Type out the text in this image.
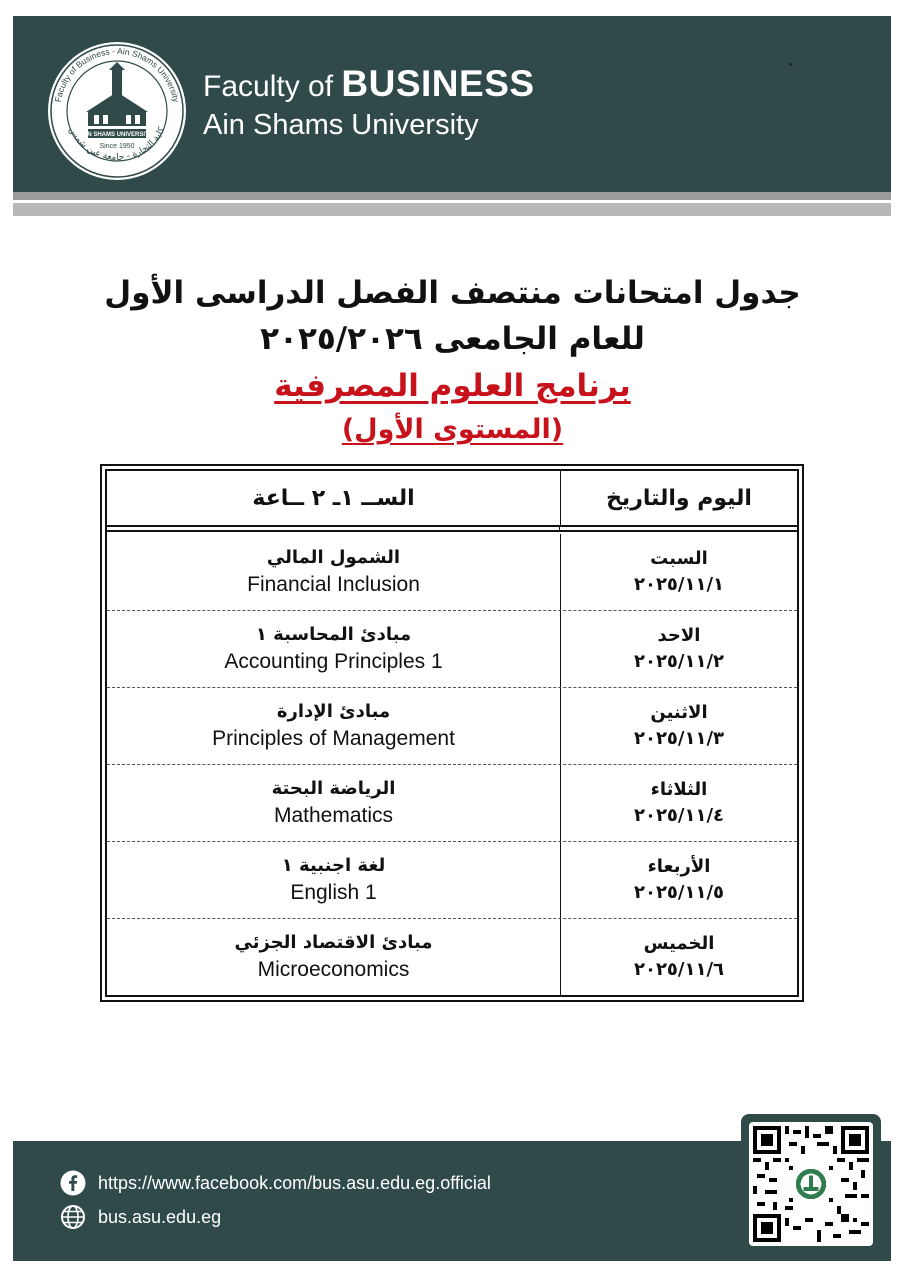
Faculty of Business - Ain Shams University
كلية التجارة - جامعة عين شمس
AIN SHAMS UNIVERSITY
Since 1950
Faculty of BUSINESS
Ain Shams University
جدول امتحانات منتصف الفصل الدراسى الأول
للعام الجامعى ٢٠٢٥/٢٠٢٦
برنامج العلوم المصرفية
(المستوى الأول)
اليوم والتاريخ
الســ ١ـ ٢ ــاعة
السبت
٢٠٢٥/١١/١
الشمول المالي
Financial Inclusion
الاحد
٢٠٢٥/١١/٢
مبادئ المحاسبة ١
Accounting Principles 1
الاثنين
٢٠٢٥/١١/٣
مبادئ الإدارة
Principles of Management
الثلاثاء
٢٠٢٥/١١/٤
الرياضة البحتة
Mathematics
الأربعاء
٢٠٢٥/١١/٥
لغة اجنبية ١
English 1
الخميس
٢٠٢٥/١١/٦
مبادئ الاقتصاد الجزئي
Microeconomics
https://www.facebook.com/bus.asu.edu.eg.official
bus.asu.edu.eg
